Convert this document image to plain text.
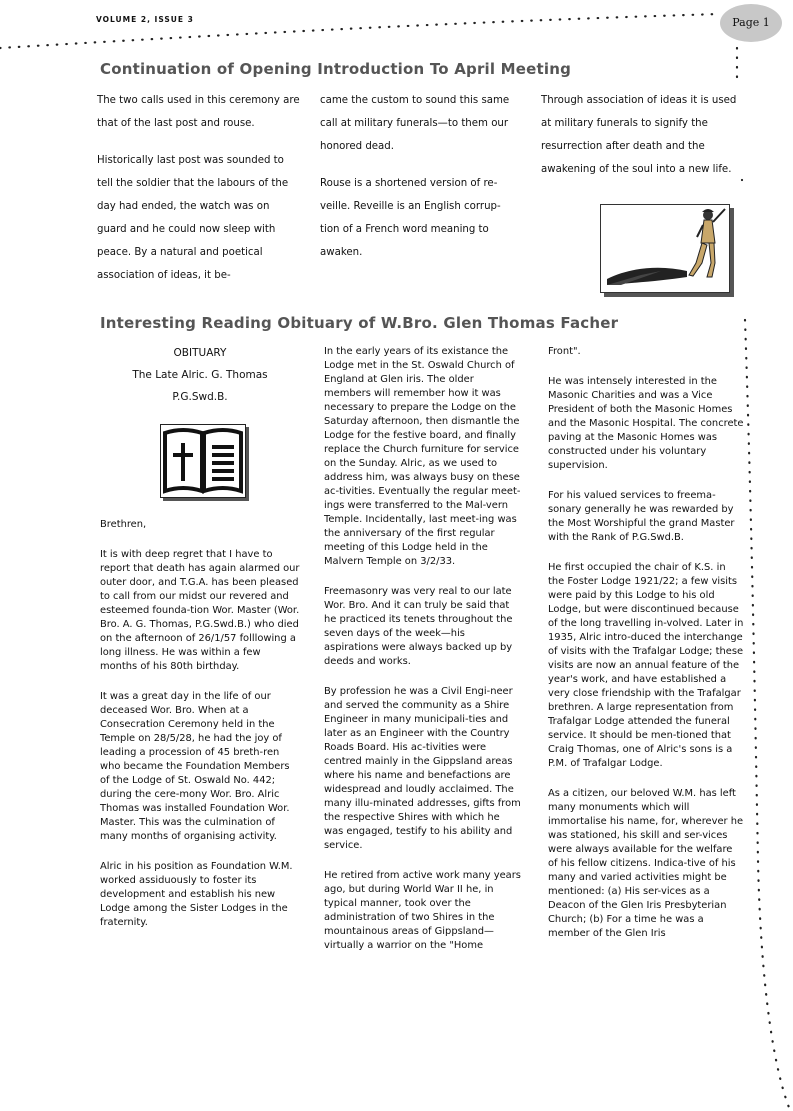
VOLUME 2, ISSUE 3	Page 1
Continuation of Opening Introduction To April Meeting

The two calls used in this ceremony are that of the last post and rouse.

Historically last post was sounded to tell the soldier that the labours of the day had ended, the watch was on guard and he could now sleep with peace. By a natural and poetical association of ideas, it be-

came the custom to sound this same call at military funerals—to them our honored dead.

Rouse is a shortened version of re-veille. Reveille is an English corrup-tion of a French word meaning to awaken.

Through association of ideas it is used at military funerals to signify the resurrection after death and the awakening of the soul into a new life.

Interesting Reading Obituary of W.Bro. Glen Thomas Facher
OBITUARY
The Late Alric. G. Thomas
P.G.Swd.B.

Brethren,

It is with deep regret that I have to report that death has again alarmed our outer door, and T.G.A. has been pleased to call from our midst our revered and esteemed founda-tion Wor. Master (Wor. Bro. A. G. Thomas, P.G.Swd.B.) who died on the afternoon of 26/1/57 folllowing a long illness. He was within a few months of his 80th birthday.

It was a great day in the life of our deceased Wor. Bro. When at a Consecration Ceremony held in the Temple on 28/5/28, he had the joy of leading a procession of 45 breth-ren who became the Foundation Members of the Lodge of St. Oswald No. 442; during the cere-mony Wor. Bro. Alric Thomas was installed Foundation Wor. Master. This was the culmination of many months of organising activity.

Alric in his position as Foundation W.M. worked assiduously to foster its development and establish his new Lodge among the Sister Lodges in the fraternity.

In the early years of its existance the Lodge met in the St. Oswald Church of England at Glen iris. The older members will remember how it was necessary to prepare the Lodge on the Saturday afternoon, then dismantle the Lodge for the festive board, and finally replace the Church furniture for service on the Sunday. Alric, as we used to address him, was always busy on these ac-tivities. Eventually the regular meet-ings were transferred to the Mal-vern Temple. Incidentally, last meet-ing was the anniversary of the first regular meeting of this Lodge held in the Malvern Temple on 3/2/33.

Freemasonry was very real to our late Wor. Bro. And it can truly be said that he practiced its tenets throughout the seven days of the week—his aspirations were always backed up by deeds and works.

By profession he was a Civil Engi-neer and served the community as a Shire Engineer in many municipali-ties and later as an Engineer with the Country Roads Board. His ac-tivities were centred mainly in the Gippsland areas where his name and benefactions are widespread and loudly acclaimed. The many illu-minated addresses, gifts from the respective Shires with which he was engaged, testify to his ability and service.

He retired from active work many years ago, but during World War II he, in typical manner, took over the administration of two Shires in the mountainous areas of Gippsland—virtually a warrior on the "Home

Front".

He was intensely interested in the Masonic Charities and was a Vice President of both the Masonic Homes and the Masonic Hospital. The concrete paving at the Masonic Homes was constructed under his voluntary supervision.

For his valued services to freema-sonary generally he was rewarded by the Most Worshipful the grand Master with the Rank of P.G.Swd.B.

He first occupied the chair of K.S. in the Foster Lodge 1921/22; a few visits were paid by this Lodge to his old Lodge, but were discontinued because of the long travelling in-volved. Later in 1935, Alric intro-duced the interchange of visits with the Trafalgar Lodge; these visits are now an annual feature of the year's work, and have established a very close friendship with the Trafalgar brethren. A large representation from Trafalgar Lodge attended the funeral service. It should be men-tioned that Craig Thomas, one of Alric's sons is a P.M. of Trafalgar Lodge.

As a citizen, our beloved W.M. has left many monuments which will immortalise his name, for, wherever he was stationed, his skill and ser-vices were always available for the welfare of his fellow citizens. Indica-tive of his many and varied activities might be mentioned: (a) His ser-vices as a Deacon of the Glen Iris Presbyterian Church; (b) For a time he was a member of the Glen Iris
